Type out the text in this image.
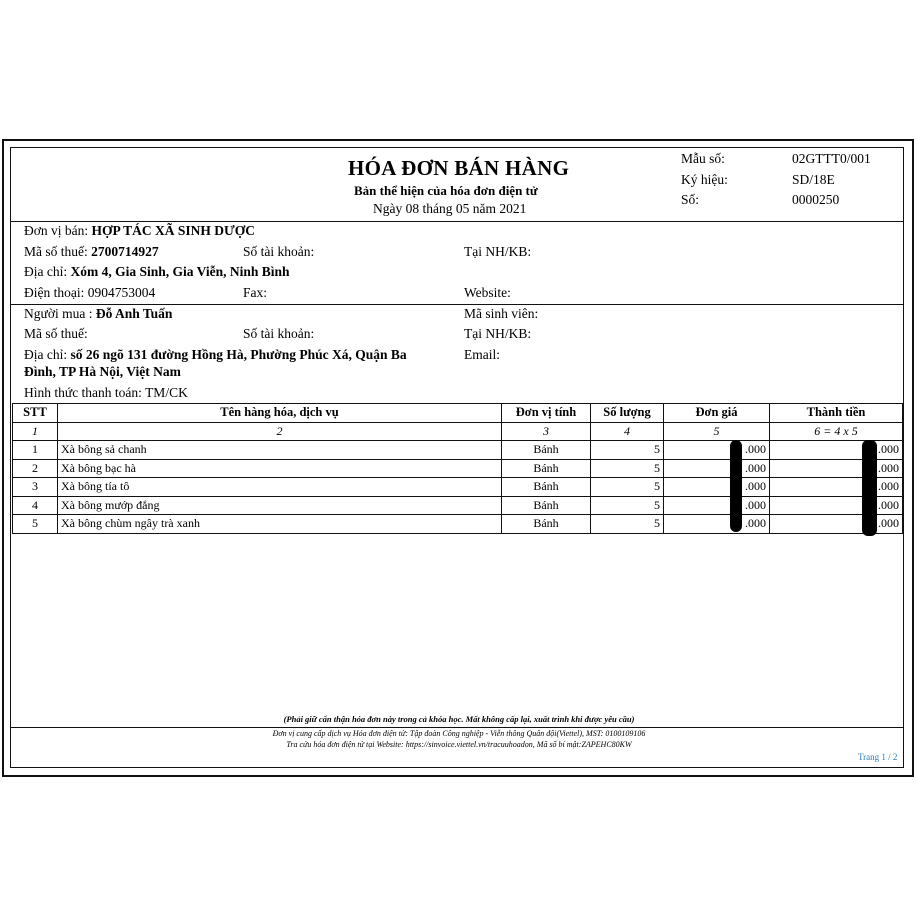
HÓA ĐƠN BÁN HÀNG
Bản thể hiện của hóa đơn điện tử
Ngày 08 tháng 05 năm 2021
Mẫu số:	02GTTT0/001
Ký hiệu:	SD/18E
Số:	0000250
Đơn vị bán: HỢP TÁC XÃ SINH DƯỢC
Mã số thuế: 2700714927	Số tài khoản:	Tại NH/KB:
Địa chỉ: Xóm 4, Gia Sinh, Gia Viễn, Ninh Bình
Điện thoại: 0904753004	Fax:	Website:
Người mua : Đỗ Anh Tuấn	Mã sinh viên:
Mã số thuế:	Số tài khoản:	Tại NH/KB:
Địa chỉ: số 26 ngõ 131 đường Hồng Hà, Phường Phúc Xá, Quận Ba
Đình, TP Hà Nội, Việt Nam
Email:
Hình thức thanh toán: TM/CK
STT	Tên hàng hóa, dịch vụ	Đơn vị tính	Số lượng	Đơn giá	Thành tiền
1	2	3	4	5	6 = 4 x 5
1	Xà bông sả chanh	Bánh	5	.000	.000
2	Xà bông bạc hà	Bánh	5	.000	.000
3	Xà bông tía tô	Bánh	5	.000	.000
4	Xà bông mướp đắng	Bánh	5	.000	.000
5	Xà bông chùm ngây trà xanh	Bánh	5	.000	.000
(Phải giữ cẩn thận hóa đơn này trong cả khóa học. Mất không cấp lại, xuất trình khi được yêu cầu)
Đơn vị cung cấp dịch vụ Hóa đơn điện tử: Tập đoàn Công nghiệp - Viễn thông Quân đội(Viettel), MST: 0100109106
Tra cứu hóa đơn điện tử tại Website: https://sinvoice.viettel.vn/tracuuhoadon, Mã số bí mật:ZAPEHC80KW
Trang 1 / 2
